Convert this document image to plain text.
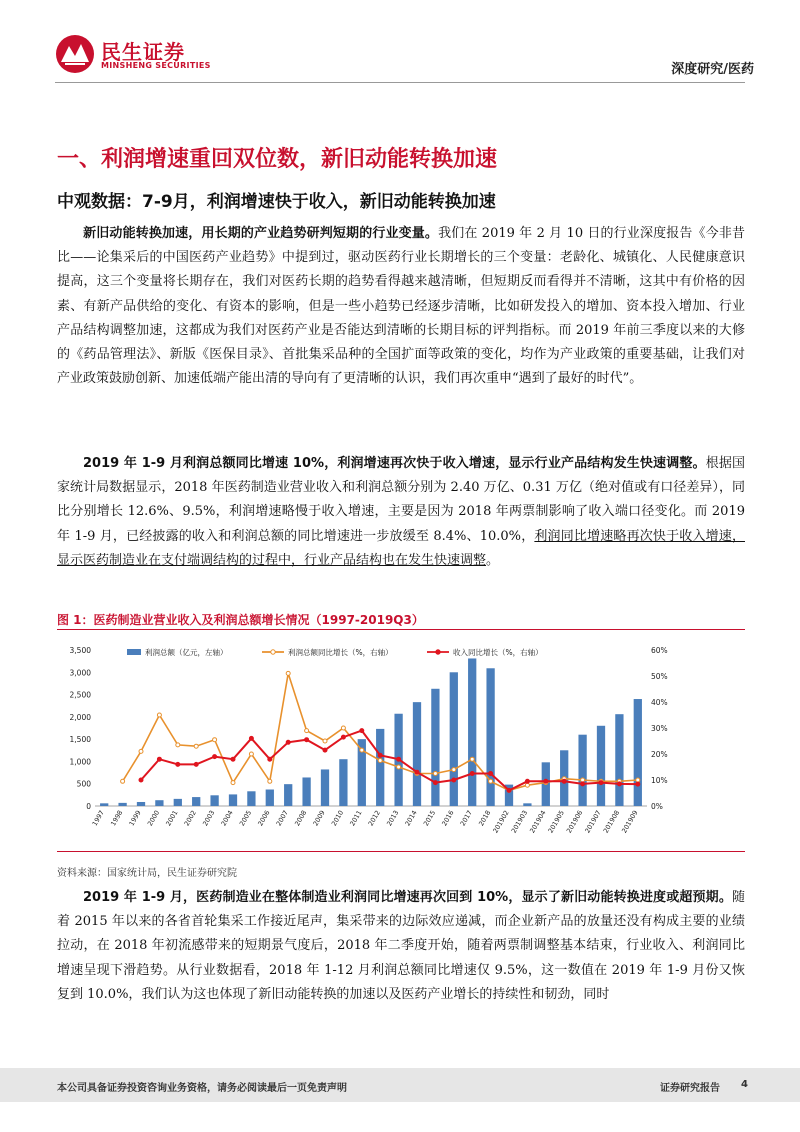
民生证券
MINSHENG SECURITIES	深度研究/医药
一、利润增速重回双位数，新旧动能转换加速
中观数据：7-9月，利润增速快于收入，新旧动能转换加速
新旧动能转换加速，用长期的产业趋势研判短期的行业变量。我们在 2019 年 2 月 10 日的行业深度报告《今非昔比——论集采后的中国医药产业趋势》中提到过，驱动医药行业长期增长的三个变量：老龄化、城镇化、人民健康意识提高，这三个变量将长期存在，我们对医药长期的趋势看得越来越清晰，但短期反而看得并不清晰，这其中有价格的因素、有新产品供给的变化、有资本的影响，但是一些小趋势已经逐步清晰，比如研发投入的增加、资本投入增加、行业产品结构调整加速，这都成为我们对医药产业是否能达到清晰的长期目标的评判指标。而 2019 年前三季度以来的大修的《药品管理法》、新版《医保目录》、首批集采品种的全国扩面等政策的变化，均作为产业政策的重要基础，让我们对产业政策鼓励创新、加速低端产能出清的导向有了更清晰的认识，我们再次重申“遇到了最好的时代”。
2019 年 1-9 月利润总额同比增速 10%，利润增速再次快于收入增速，显示行业产品结构发生快速调整。根据国家统计局数据显示，2018 年医药制造业营业收入和利润总额分别为 2.40 万亿、0.31 万亿（绝对值或有口径差异），同比分别增长 12.6%、9.5%，利润增速略慢于收入增速，主要是因为 2018 年两票制影响了收入端口径变化。而 2019 年 1-9 月，已经披露的收入和利润总额的同比增速进一步放缓至 8.4%、10.0%，利润同比增速略再次快于收入增速，显示医药制造业在支付端调结构的过程中，行业产品结构也在发生快速调整。
图 1：医药制造业营业收入及利润总额增长情况（1997-2019Q3）
0
500
1,000
1,500
2,000
2,500
3,000
3,500
0%
10%
20%
30%
40%
50%
60%
1997 1998 1999 2000 2001 2002 2003 2004 2005 2006 2007 2008 2009 2010 2011 2012 2013 2014 2015 2016 2017 2018 201902 201903 201904 201905 201906 201907 201908 201909
利润总额（亿元，左轴）	利润总额同比增长（%，右轴）	收入同比增长（%，右轴）
资料来源：国家统计局，民生证券研究院
2019 年 1-9 月，医药制造业在整体制造业利润同比增速再次回到 10%，显示了新旧动能转换进度或超预期。随着 2015 年以来的各省首轮集采工作接近尾声，集采带来的边际效应递减，而企业新产品的放量还没有构成主要的业绩拉动，在 2018 年初流感带来的短期景气度后，2018 年二季度开始，随着两票制调整基本结束，行业收入、利润同比增速呈现下滑趋势。从行业数据看，2018 年 1-12 月利润总额同比增速仅 9.5%，这一数值在 2019 年 1-9 月份又恢复到 10.0%，我们认为这也体现了新旧动能转换的加速以及医药产业增长的持续性和韧劲，同时
本公司具备证券投资咨询业务资格，请务必阅读最后一页免责声明	证券研究报告 4
